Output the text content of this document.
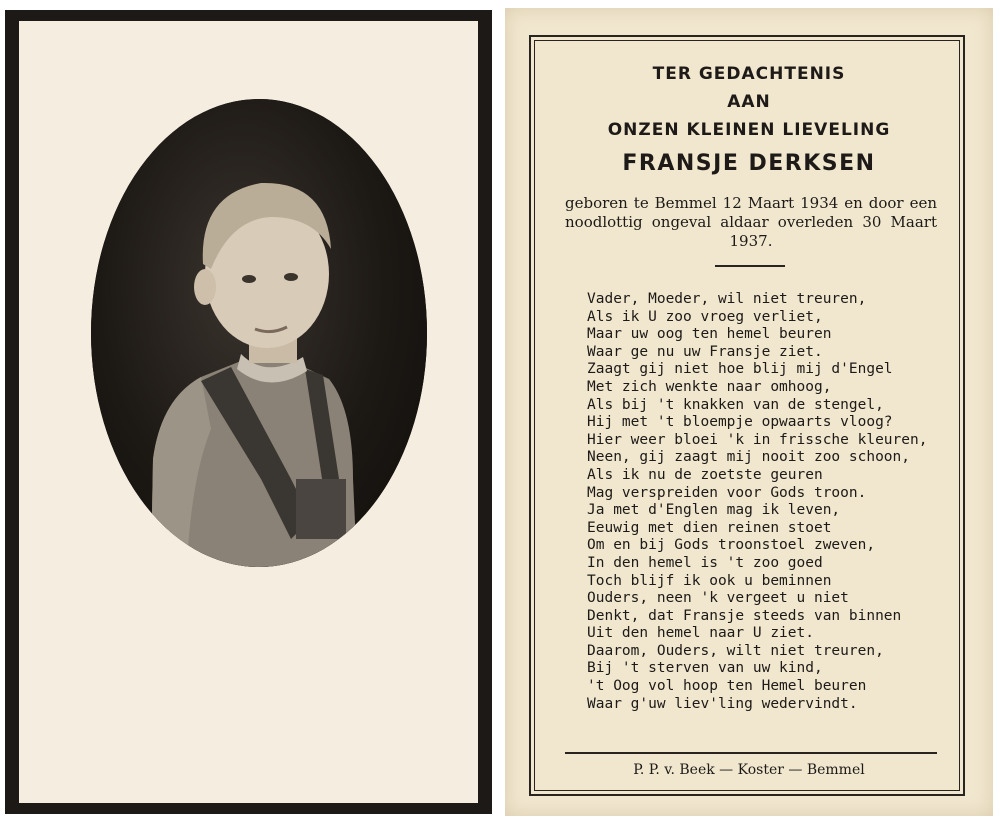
TER GEDACHTENIS
AAN
ONZEN KLEINEN LIEVELING
FRANSJE DERKSEN
geboren te Bemmel 12 Maart 1934 en door een noodlottig ongeval aldaar overleden 30 Maart 1937.
Vader, Moeder, wil niet treuren,
Als ik U zoo vroeg verliet,
Maar uw oog ten hemel beuren
Waar ge nu uw Fransje ziet.
Zaagt gij niet hoe blij mij d'Engel
Met zich wenkte naar omhoog,
Als bij 't knakken van de stengel,
Hij met 't bloempje opwaarts vloog?
Hier weer bloei 'k in frissche kleuren,
Neen, gij zaagt mij nooit zoo schoon,
Als ik nu de zoetste geuren
Mag verspreiden voor Gods troon.
Ja met d'Englen mag ik leven,
Eeuwig met dien reinen stoet
Om en bij Gods troonstoel zweven,
In den hemel is 't zoo goed
Toch blijf ik ook u beminnen
Ouders, neen 'k vergeet u niet
Denkt, dat Fransje steeds van binnen
Uit den hemel naar U ziet.
Daarom, Ouders, wilt niet treuren,
Bij 't sterven van uw kind,
't Oog vol hoop ten Hemel beuren
Waar g'uw liev'ling wedervindt.
P. P. v. Beek — Koster — Bemmel
